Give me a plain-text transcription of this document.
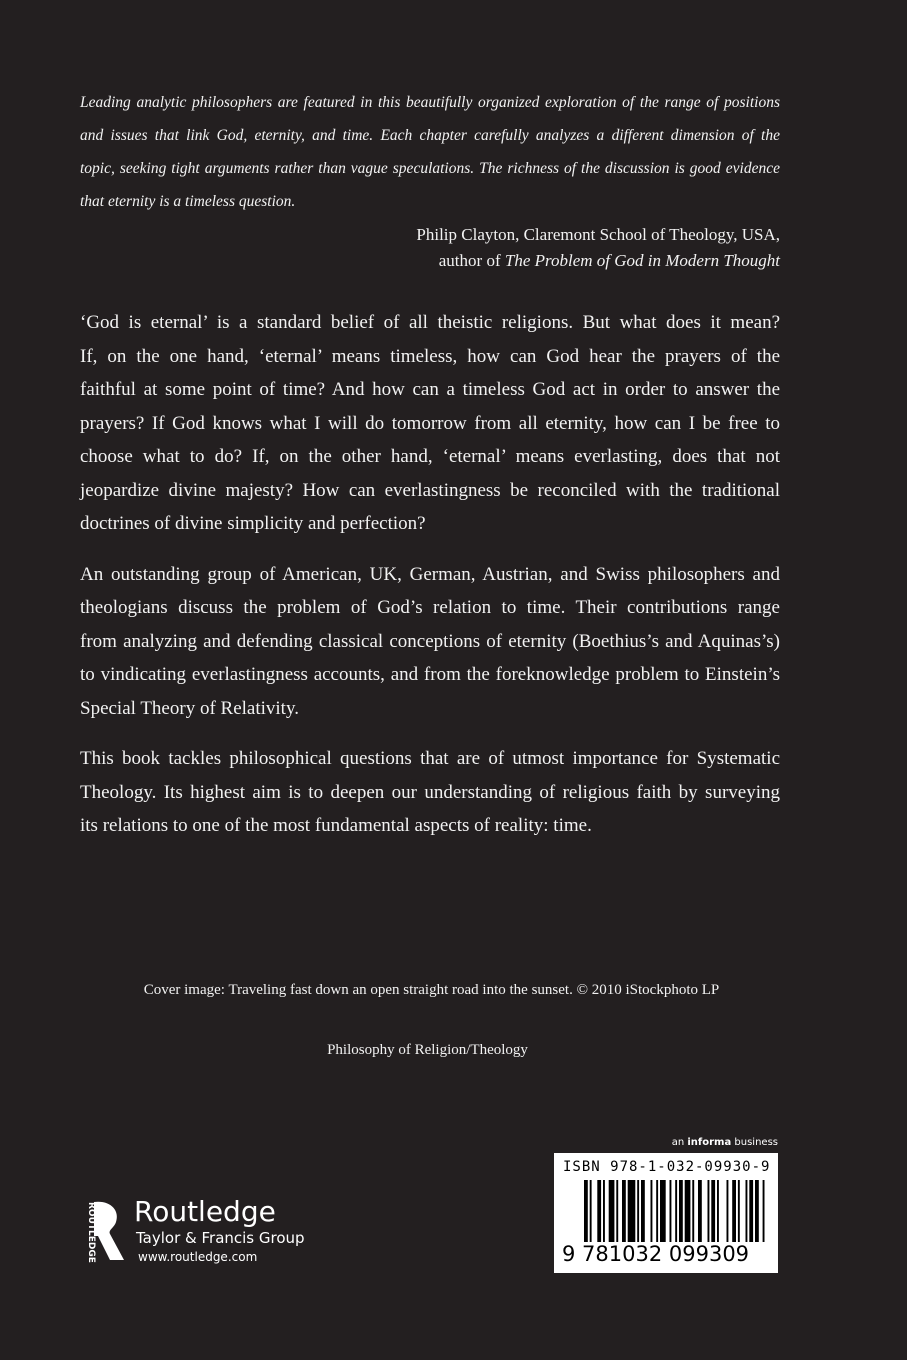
Leading analytic philosophers are featured in this beautifully organized exploration of the range of positions
and issues that link God, eternity, and time. Each chapter carefully analyzes a different dimension of the
topic, seeking tight arguments rather than vague speculations. The richness of the discussion is good evidence
that eternity is a timeless question.
Philip Clayton, Claremont School of Theology, USA,
author of The Problem of God in Modern Thought
‘God is eternal’ is a standard belief of all theistic religions. But what does it mean?
If, on the one hand, ‘eternal’ means timeless, how can God hear the prayers of the
faithful at some point of time? And how can a timeless God act in order to answer the
prayers? If God knows what I will do tomorrow from all eternity, how can I be free to
choose what to do? If, on the other hand, ‘eternal’ means everlasting, does that not
jeopardize divine majesty? How can everlastingness be reconciled with the traditional
doctrines of divine simplicity and perfection?
An outstanding group of American, UK, German, Austrian, and Swiss philosophers and
theologians discuss the problem of God’s relation to time. Their contributions range
from analyzing and defending classical conceptions of eternity (Boethius’s and Aquinas’s)
to vindicating everlastingness accounts, and from the foreknowledge problem to Einstein’s
Special Theory of Relativity.
This book tackles philosophical questions that are of utmost importance for Systematic
Theology. Its highest aim is to deepen our understanding of religious faith by surveying
its relations to one of the most fundamental aspects of reality: time.
Cover image: Traveling fast down an open straight road into the sunset. © 2010 iStockphoto LP
Philosophy of Religion/Theology
an informa business
ISBN 978-1-032-09930-9
9 781032 099309
ROUTLEDGE Routledge
Taylor & Francis Group
www.routledge.com
